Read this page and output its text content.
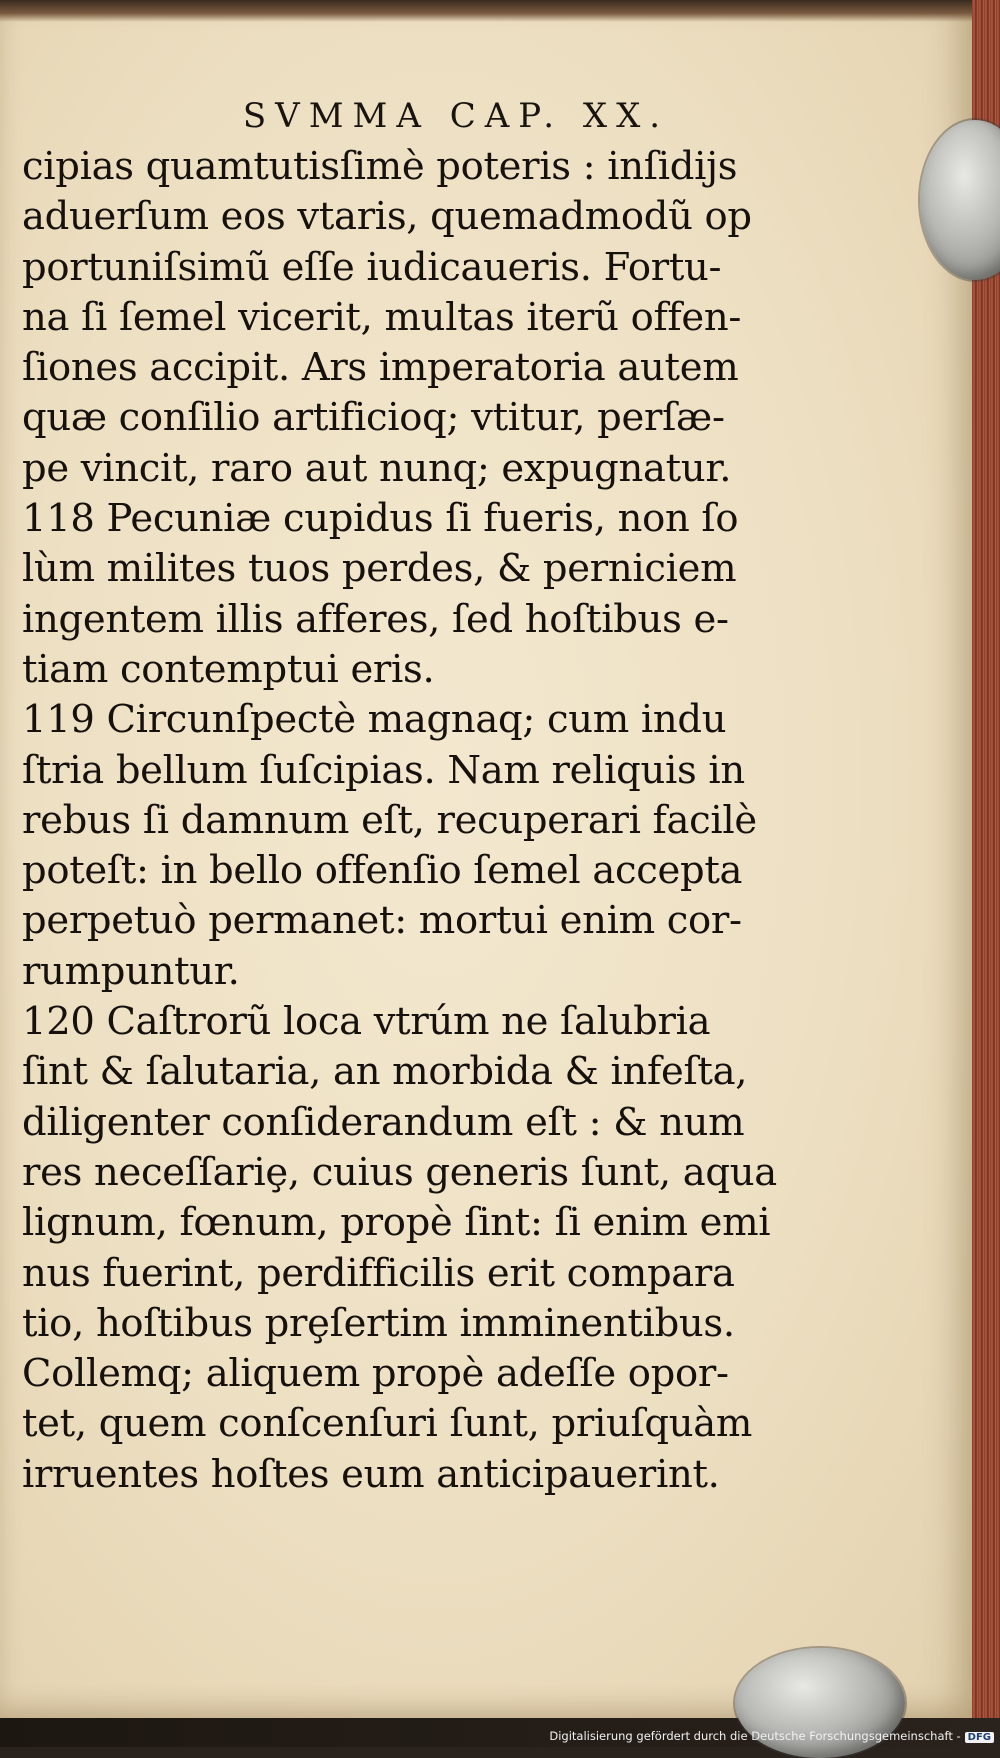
SVMMA CAP. XX.
cipias quamtutisſimè poteris : inſidijs
aduerſum eos vtaris, quemadmodũ op
portuniſsimũ eſſe iudicaueris. Fortu-
na ſi ſemel vicerit, multas iterũ offen-
ſiones accipit. Ars imperatoria autem
quæ conſilio artificioq; vtitur, perſæ-
pe vincit, raro aut nunq; expugnatur.
118 Pecuniæ cupidus ſi fueris, non ſo
lùm milites tuos perdes, & perniciem
ingentem illis afferes, ſed hoſtibus e-
tiam contemptui eris.
119 Circunſpectè magnaq; cum indu
ſtria bellum ſuſcipias. Nam reliquis in
rebus ſi damnum eſt, recuperari facilè
poteſt: in bello offenſio ſemel accepta
perpetuò permanet: mortui enim cor-
rumpuntur.
120 Caſtrorũ loca vtrúm ne ſalubria
ſint & ſalutaria, an morbida & infeſta,
diligenter conſiderandum eſt : & num
res neceſſariȩ, cuius generis ſunt, aqua
lignum, fœnum, propè ſint: ſi enim emi
nus fuerint, perdifficilis erit compara
tio, hoſtibus prȩſertim imminentibus.
Collemq; aliquem propè adeſſe opor-
tet, quem conſcenſuri ſunt, priuſquàm
irruentes hoſtes eum anticipauerint.
Digitalisierung gefördert durch die Deutsche Forschungsgemeinschaft - DFG
